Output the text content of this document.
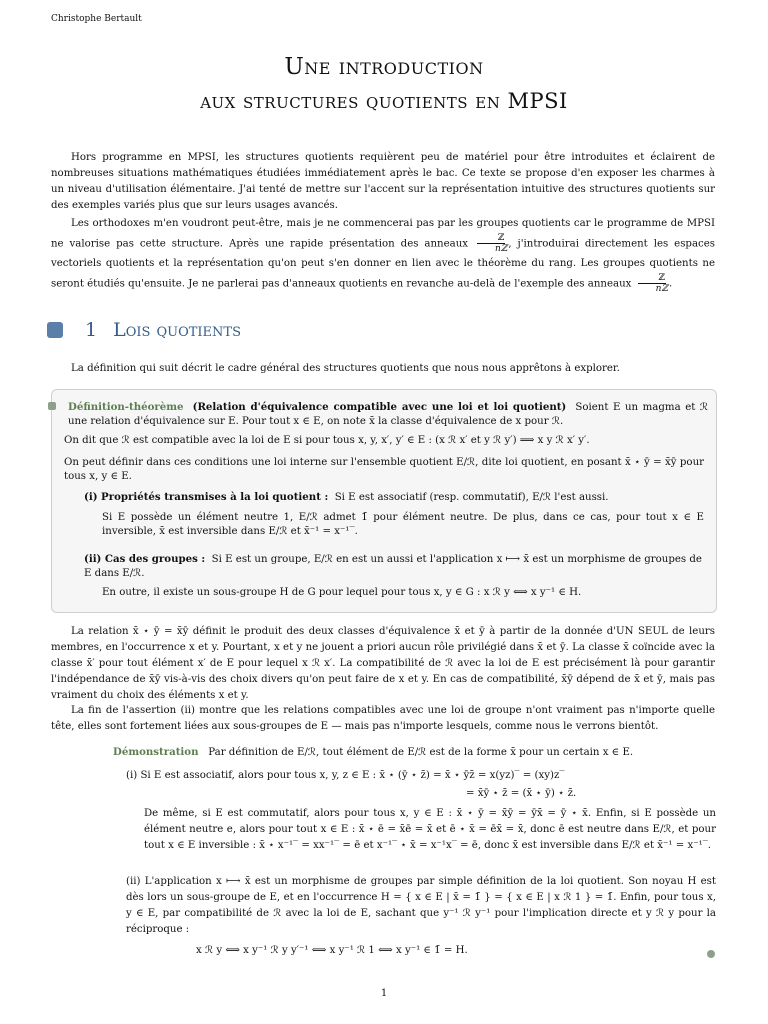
Christophe Bertault
Une introduction
aux structures quotients en MPSI
Hors programme en MPSI, les structures quotients requièrent peu de matériel pour être introduites et éclairent de nombreuses situations mathématiques étudiées immédiatement après le bac. Ce texte se propose d'en exposer les charmes à un niveau d'utilisation élémentaire. J'ai tenté de mettre sur l'accent sur la représentation intuitive des structures quotients sur des exemples variés plus que sur leurs usages avancés.
Les orthodoxes m'en voudront peut-être, mais je ne commencerai pas par les groupes quotients car le programme de MPSI ne valorise pas cette structure. Après une rapide présentation des anneaux $\frac{\text{ℤ}}{\text{nℤ}}$ , j'introduirai directement les espaces vectoriels quotients et la représentation qu'on peut s'en donner en lien avec le théorème du rang. Les groupes quotients ne seront étudiés qu'ensuite. Je ne parlerai pas d'anneaux quotients en revanche au-delà de l'exemple des anneaux $\frac{\text{ℤ}}{\text{nℤ}}$ .
1 Lois quotients
La définition qui suit décrit le cadre général des structures quotients que nous nous apprêtons à explorer.
Définition-théorème (Relation d'équivalence compatible avec une loi et loi quotient) Soient E un magma et ℛ une relation d'équivalence sur E. Pour tout x ∈ E, on note x̄ la classe d'équivalence de x pour ℛ.
On dit que ℛ est compatible avec la loi de E si pour tous x, y, x′, y′ ∈ E : (x ℛ x′ et y ℛ y′) ⟹ x y ℛ x′ y′.
On peut définir dans ces conditions une loi interne sur l'ensemble quotient E/ℛ, dite loi quotient, en posant x̄ ⋆ ȳ = x̄ȳ pour tous x, y ∈ E.
(i) Propriétés transmises à la loi quotient : Si E est associatif (resp. commutatif), E/ℛ l'est aussi.
Si E possède un élément neutre 1, E/ℛ admet 1̄ pour élément neutre. De plus, dans ce cas, pour tout x ∈ E inversible, x̄ est inversible dans E/ℛ et x̄⁻¹ = x⁻¹‾.
(ii) Cas des groupes : Si E est un groupe, E/ℛ en est un aussi et l'application x ⟼ x̄ est un morphisme de groupes de E dans E/ℛ.
En outre, il existe un sous-groupe H de G pour lequel pour tous x, y ∈ G : x ℛ y ⟺ x y⁻¹ ∈ H.
La relation x̄ ⋆ ȳ = x̄ȳ définit le produit des deux classes d'équivalence x̄ et ȳ à partir de la donnée d'UN SEUL de leurs membres, en l'occurrence x et y. Pourtant, x et y ne jouent a priori aucun rôle privilégié dans x̄ et ȳ. La classe x̄ coïncide avec la classe x̄′ pour tout élément x′ de E pour lequel x ℛ x′. La compatibilité de ℛ avec la loi de E est précisément là pour garantir l'indépendance de x̄ȳ vis-à-vis des choix divers qu'on peut faire de x et y. En cas de compatibilité, x̄ȳ dépend de x̄ et ȳ, mais pas vraiment du choix des éléments x et y.
La fin de l'assertion (ii) montre que les relations compatibles avec une loi de groupe n'ont vraiment pas n'importe quelle tête, elles sont fortement liées aux sous-groupes de E — mais pas n'importe lesquels, comme nous le verrons bientôt.
Démonstration Par définition de E/ℛ, tout élément de E/ℛ est de la forme x̄ pour un certain x ∈ E.
(i) Si E est associatif, alors pour tous x, y, z ∈ E : x̄ ⋆ (ȳ ⋆ z̄) = x̄ ⋆ ȳz̄ = x(yz)‾ = (xy)z‾
= x̄ȳ ⋆ z̄ = (x̄ ⋆ ȳ) ⋆ z̄.
De même, si E est commutatif, alors pour tous x, y ∈ E : x̄ ⋆ ȳ = x̄ȳ = ȳx̄ = ȳ ⋆ x̄. Enfin, si E possède un élément neutre e, alors pour tout x ∈ E : x̄ ⋆ ē = x̄ē = x̄ et ē ⋆ x̄ = ēx̄ = x̄, donc ē est neutre dans E/ℛ, et pour tout x ∈ E inversible : x̄ ⋆ x⁻¹‾ = xx⁻¹‾ = ē et x⁻¹‾ ⋆ x̄ = x⁻¹x‾ = ē, donc x̄ est inversible dans E/ℛ et x̄⁻¹ = x⁻¹‾.
(ii) L'application x ⟼ x̄ est un morphisme de groupes par simple définition de la loi quotient. Son noyau H est dès lors un sous-groupe de E, et en l'occurrence H = { x ∈ E | x̄ = 1̄ } = { x ∈ E | x ℛ 1 } = 1̄. Enfin, pour tous x, y ∈ E, par compatibilité de ℛ avec la loi de E, sachant que y⁻¹ ℛ y⁻¹ pour l'implication directe et y ℛ y pour la réciproque :
x ℛ y ⟺ x y⁻¹ ℛ y y′⁻¹ ⟺ x y⁻¹ ℛ 1 ⟺ x y⁻¹ ∈ 1̄ = H.
1
